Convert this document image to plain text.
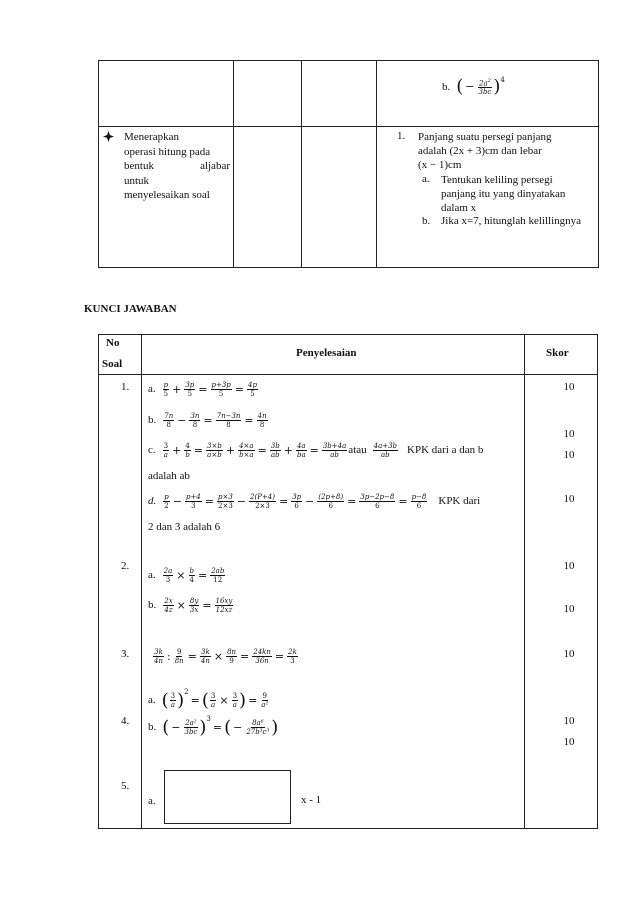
b. ( − $\frac{2a^2}{3bc}$ ) 4
Menerapkan
operasi hitung pada
bentuk aljabar
untuk
menyelesaikan soal
1. Panjang suatu persegi panjang
adalah (2x + 3)cm dan lebar
(x − 1)cm
a. Tentukan keliling persegi
panjang itu yang dinyatakan
dalam x
b. Jika x=7, hitunglah kelillingnya
KUNCI JAWABAN
No
Soal
Penyelesaian	Skor
1.
2.
3.
4.
5.
10
10
10
10
10
10
10
10
10
a. $\frac{p}{5} + \frac{3p}{5} = \frac{p+3p}{5} = \frac{4p}{5}$
b. $\frac{7n}{8} - \frac{3n}{8} = \frac{7n-3n}{8} = \frac{4n}{8}$
c. $\frac{3}{a} + \frac{4}{b} = \frac{3\times b}{a\times b} + \frac{4\times a}{b\times a} = \frac{3b}{ab} + \frac{4a}{ba} = \frac{3b+4a}{ab}$ atau $\frac{4a+3b}{ab}$ KPK dari a dan b
adalah ab
d. $\frac{p}{2} - \frac{p+4}{3} = \frac{p\times 3}{2\times 3} - \frac{2(P+4)}{2\times 3} = \frac{3p}{6} - \frac{(2p+8)}{6} = \frac{3p-2p-8}{6} = \frac{p-8}{6}$ KPK dari
2 dan 3 adalah 6
a. $\frac{2a}{3} \times \frac{b}{4} = \frac{2ab}{12}$
b. $\frac{2x}{4z} \times \frac{8y}{3x} = \frac{16xy}{12xz}$
$\frac{3k}{4n}$ : $\frac{9}{8n} = \frac{3k}{4n} \times \frac{8n}{9} = \frac{24kn}{36n} = \frac{2k}{3}$
a. ( $\frac{3}{a}$ ) 2
= ( $\frac{3}{a} \times \frac{3}{a}$ ) = $\frac{9}{\text{a²}}$
b. ( − $\frac{\text{2a²}}{3bc}$ ) 3
= ( − $\frac{\text{8a⁶}}{\text{27b³c³}}$ )
a.	x - 1
